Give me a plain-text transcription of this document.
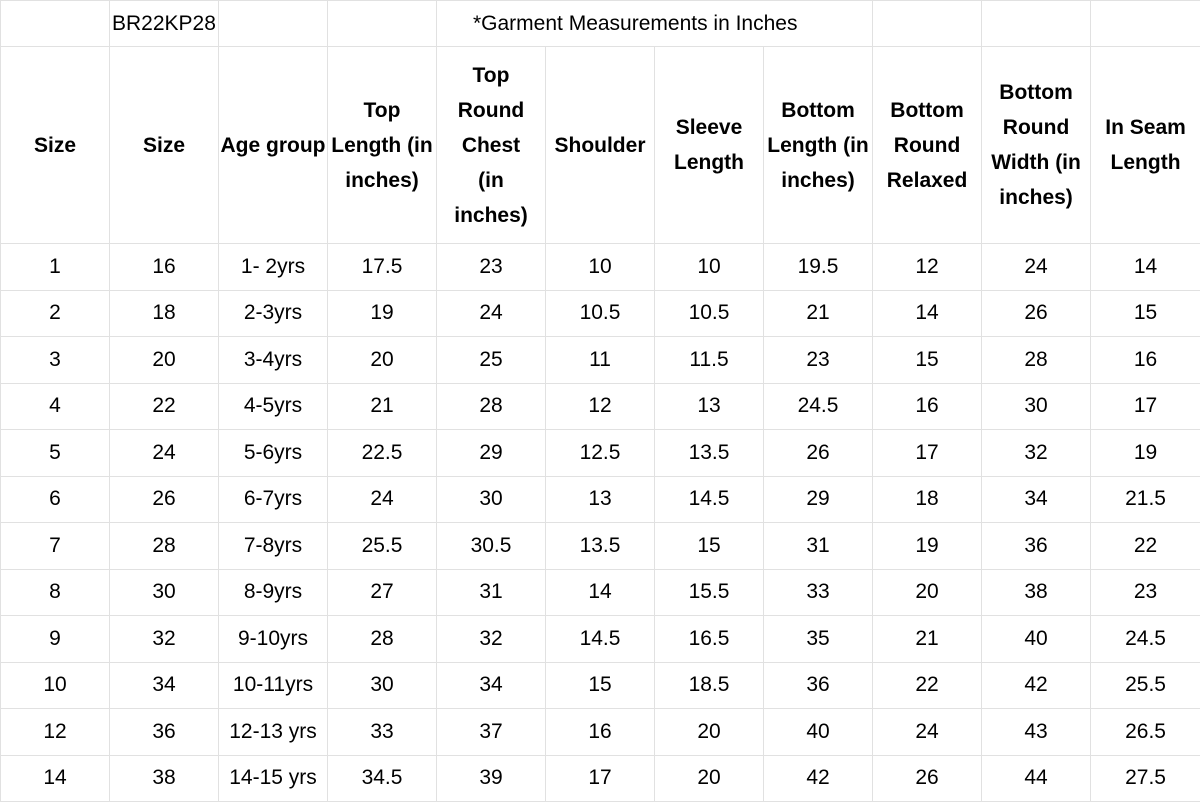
	BR22KP28			*Garment Measurements in Inches						
Size	Size	Age group	Top
Length (in
inches)	Top
Round
Chest
(in
inches)	Shoulder	Sleeve
Length	Bottom
Length (in
inches)	Bottom
Round
Relaxed	Bottom
Round
Width (in
inches)	In Seam
Length

1	16	1- 2yrs	17.5	23	10	10	19.5	12	24	14
2	18	2-3yrs	19	24	10.5	10.5	21	14	26	15
3	20	3-4yrs	20	25	11	11.5	23	15	28	16
4	22	4-5yrs	21	28	12	13	24.5	16	30	17
5	24	5-6yrs	22.5	29	12.5	13.5	26	17	32	19
6	26	6-7yrs	24	30	13	14.5	29	18	34	21.5
7	28	7-8yrs	25.5	30.5	13.5	15	31	19	36	22
8	30	8-9yrs	27	31	14	15.5	33	20	38	23
9	32	9-10yrs	28	32	14.5	16.5	35	21	40	24.5
10	34	10-11yrs	30	34	15	18.5	36	22	42	25.5
12	36	12-13 yrs	33	37	16	20	40	24	43	26.5
14	38	14-15 yrs	34.5	39	17	20	42	26	44	27.5
